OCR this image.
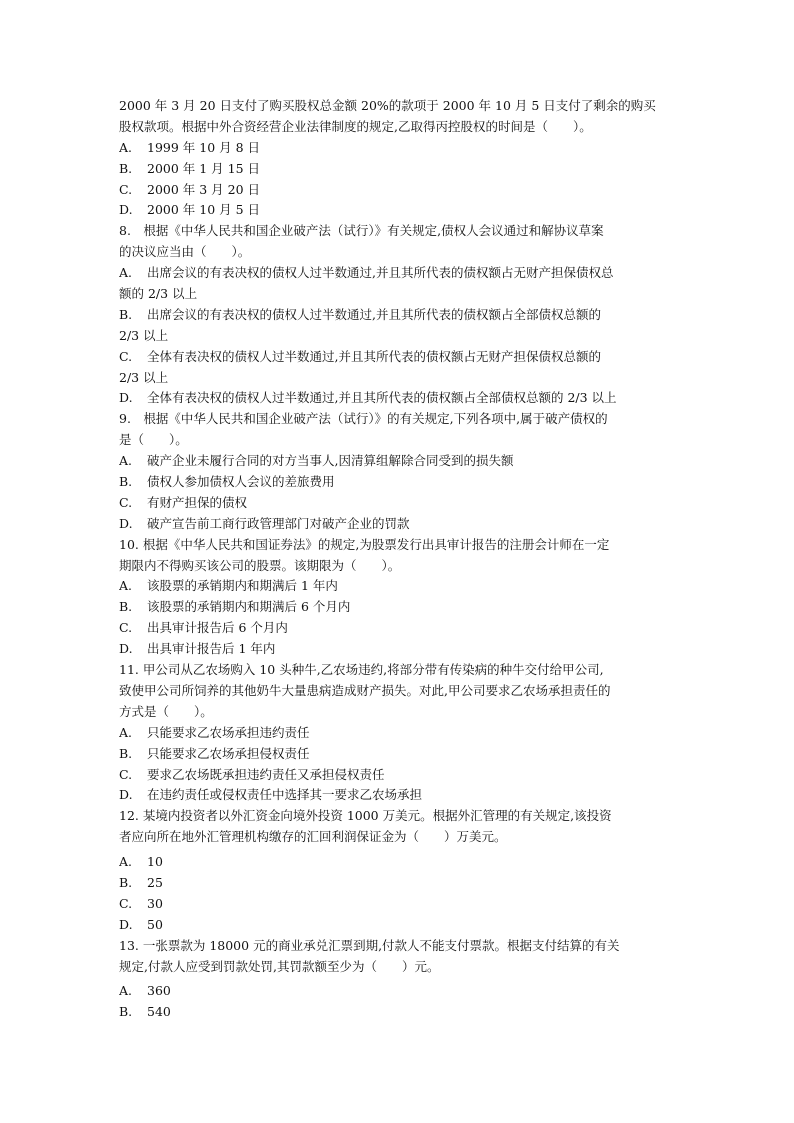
2000 年 3 月 20 日支付了购买股权总金额 20%的款项于 2000 年 10 月 5 日支付了剩余的购买
股权款项。根据中外合资经营企业法律制度的规定,乙取得丙控股权的时间是（　　）。
A. 1999 年 10 月 8 日
B. 2000 年 1 月 15 日
C. 2000 年 3 月 20 日
D. 2000 年 10 月 5 日
8.　根据《中华人民共和国企业破产法（试行）》有关规定,债权人会议通过和解协议草案
的决议应当由（　　）。
A. 出席会议的有表决权的债权人过半数通过,并且其所代表的债权额占无财产担保债权总
额的 2/3 以上
B. 出席会议的有表决权的债权人过半数通过,并且其所代表的债权额占全部债权总额的
2/3 以上
C. 全体有表决权的债权人过半数通过,并且其所代表的债权额占无财产担保债权总额的
2/3 以上
D. 全体有表决权的债权人过半数通过,并且其所代表的债权额占全部债权总额的 2/3 以上
9.　根据《中华人民共和国企业破产法（试行）》的有关规定,下列各项中,属于破产债权的
是（　　）。
A. 破产企业未履行合同的对方当事人,因清算组解除合同受到的损失额
B. 债权人参加债权人会议的差旅费用
C. 有财产担保的债权
D. 破产宣告前工商行政管理部门对破产企业的罚款
10. 根据《中华人民共和国证券法》的规定,为股票发行出具审计报告的注册会计师在一定
期限内不得购买该公司的股票。该期限为（　　）。
A. 该股票的承销期内和期满后 1 年内
B. 该股票的承销期内和期满后 6 个月内
C. 出具审计报告后 6 个月内
D. 出具审计报告后 1 年内
11. 甲公司从乙农场购入 10 头种牛,乙农场违约,将部分带有传染病的种牛交付给甲公司,
致使甲公司所饲养的其他奶牛大量患病造成财产损失。对此,甲公司要求乙农场承担责任的
方式是（　　）。
A. 只能要求乙农场承担违约责任
B. 只能要求乙农场承担侵权责任
C. 要求乙农场既承担违约责任又承担侵权责任
D. 在违约责任或侵权责任中选择其一要求乙农场承担
12. 某境内投资者以外汇资金向境外投资 1000 万美元。根据外汇管理的有关规定,该投资
者应向所在地外汇管理机构缴存的汇回利润保证金为（　　）万美元。
A. 10
B. 25
C. 30
D. 50
13. 一张票款为 18000 元的商业承兑汇票到期,付款人不能支付票款。根据支付结算的有关
规定,付款人应受到罚款处罚,其罚款额至少为（　　）元。
A. 360
B. 540
